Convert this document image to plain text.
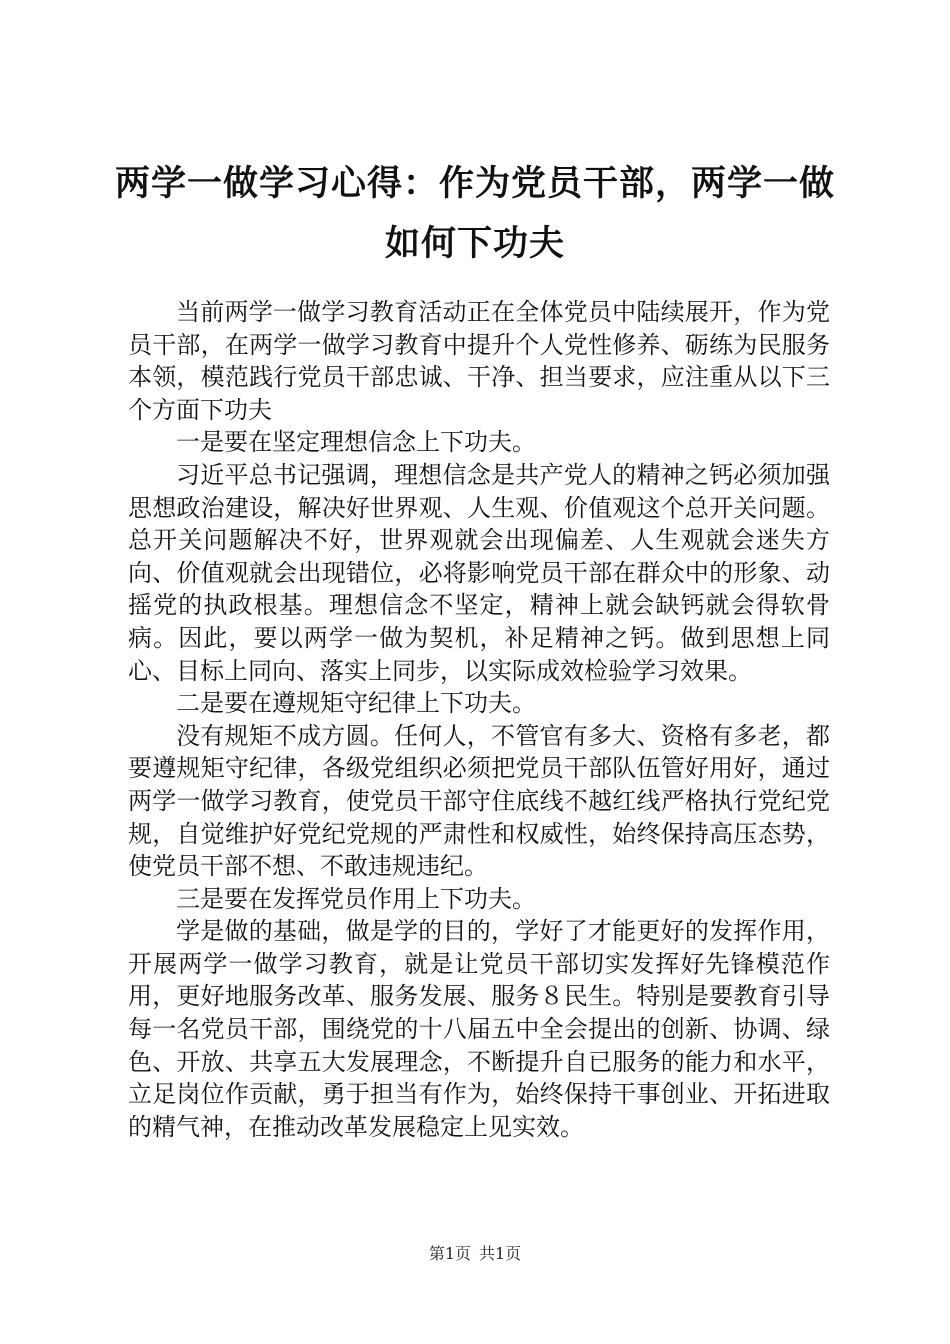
两学一做学习心得：作为党员干部，两学一做
如何下功夫

当前两学一做学习教育活动正在全体党员中陆续展开，作为党员干部，在两学一做学习教育中提升个人党性修养、砺练为民服务本领，模范践行党员干部忠诚、干净、担当要求，应注重从以下三个方面下功夫

一是要在坚定理想信念上下功夫。

习近平总书记强调，理想信念是共产党人的精神之钙必须加强思想政治建设，解决好世界观、人生观、价值观这个总开关问题。总开关问题解决不好，世界观就会出现偏差、人生观就会迷失方向、价值观就会出现错位，必将影响党员干部在群众中的形象、动摇党的执政根基。理想信念不坚定，精神上就会缺钙就会得软骨病。因此，要以两学一做为契机，补足精神之钙。做到思想上同心、目标上同向、落实上同步，以实际成效检验学习效果。

二是要在遵规矩守纪律上下功夫。

没有规矩不成方圆。任何人，不管官有多大、资格有多老，都要遵规矩守纪律，各级党组织必须把党员干部队伍管好用好，通过两学一做学习教育，使党员干部守住底线不越红线严格执行党纪党规，自觉维护好党纪党规的严肃性和权威性，始终保持高压态势，使党员干部不想、不敢违规违纪。

三是要在发挥党员作用上下功夫。

学是做的基础，做是学的目的，学好了才能更好的发挥作用，开展两学一做学习教育，就是让党员干部切实发挥好先锋模范作用，更好地服务改革、服务发展、服务８民生。特别是要教育引导每一名党员干部，围绕党的十八届五中全会提出的创新、协调、绿色、开放、共享五大发展理念，不断提升自已服务的能力和水平，立足岗位作贡献，勇于担当有作为，始终保持干事创业、开拓进取的精气神，在推动改革发展稳定上见实效。

第1页 共1页
